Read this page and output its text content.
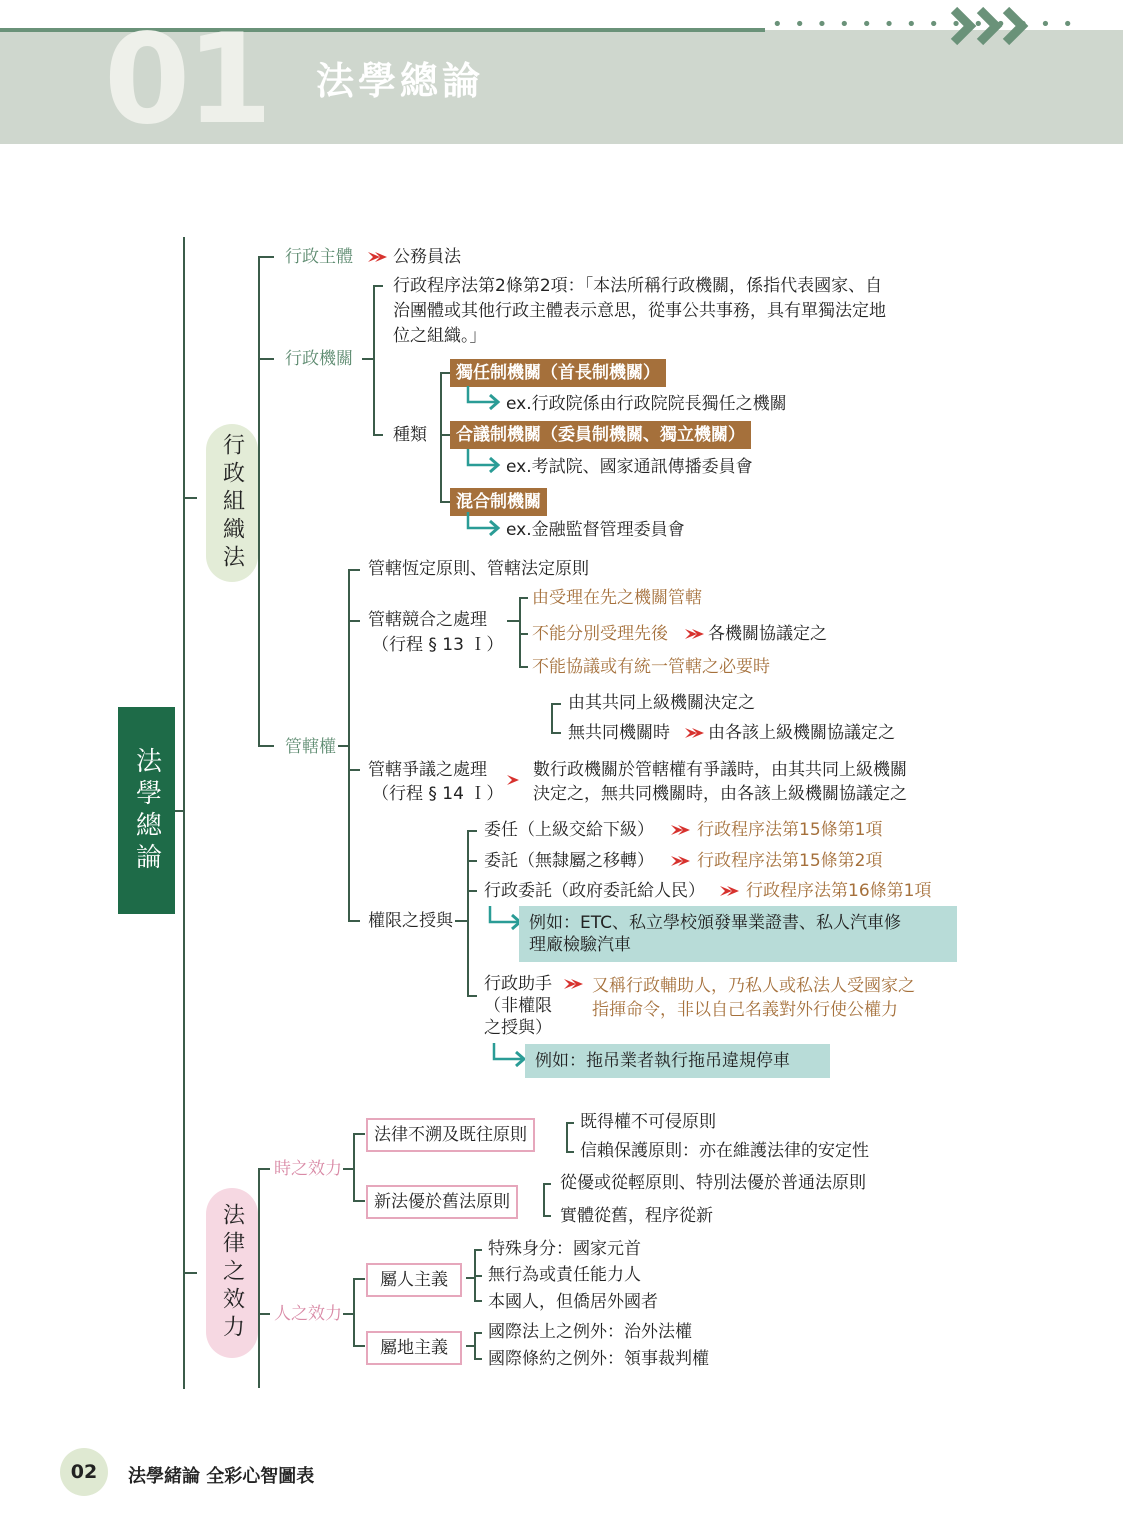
• • • • • • • • • • • • • •
01 法學總論
法學總論
行政組織法
行政主體 公務員法
行政機關
行政程序法第2條第2項：「本法所稱行政機關，係指代表國家、自
治團體或其他行政主體表示意思，從事公共事務，具有單獨法定地
位之組織。」
種類
獨任制機關（首長制機關）
ex.行政院係由行政院院長獨任之機關
合議制機關（委員制機關、獨立機關）
ex.考試院、國家通訊傳播委員會
混合制機關
ex.金融監督管理委員會
管轄權
管轄恆定原則、管轄法定原則
管轄競合之處理
（行程 § 13 Ｉ）
由受理在先之機關管轄
不能分別受理先後 各機關協議定之
不能協議或有統一管轄之必要時
由其共同上級機關決定之
無共同機關時 由各該上級機關協議定之
管轄爭議之處理
（行程 § 14 Ｉ）
數行政機關於管轄權有爭議時，由其共同上級機關
決定之，無共同機關時，由各該上級機關協議定之
權限之授與
委任（上級交給下級）	行政程序法第15條第1項
委託（無隸屬之移轉）	行政程序法第15條第2項
行政委託（政府委託給人民） 行政程序法第16條第1項
例如：ETC、私立學校頒發畢業證書、私人汽車修
理廠檢驗汽車
行政助手
（非權限
之授與）
又稱行政輔助人，乃私人或私法人受國家之
指揮命令，非以自己名義對外行使公權力
例如：拖吊業者執行拖吊違規停車
法律之效力
時之效力
法律不溯及既往原則
既得權不可侵原則
信賴保護原則：亦在維護法律的安定性
新法優於舊法原則
從優或從輕原則、特別法優於普通法原則
實體從舊，程序從新
人之效力
屬人主義
特殊身分：國家元首
無行為或責任能力人
本國人，但僑居外國者
屬地主義
國際法上之例外：治外法權
國際條約之例外：領事裁判權
02	法學緒論 全彩心智圖表
